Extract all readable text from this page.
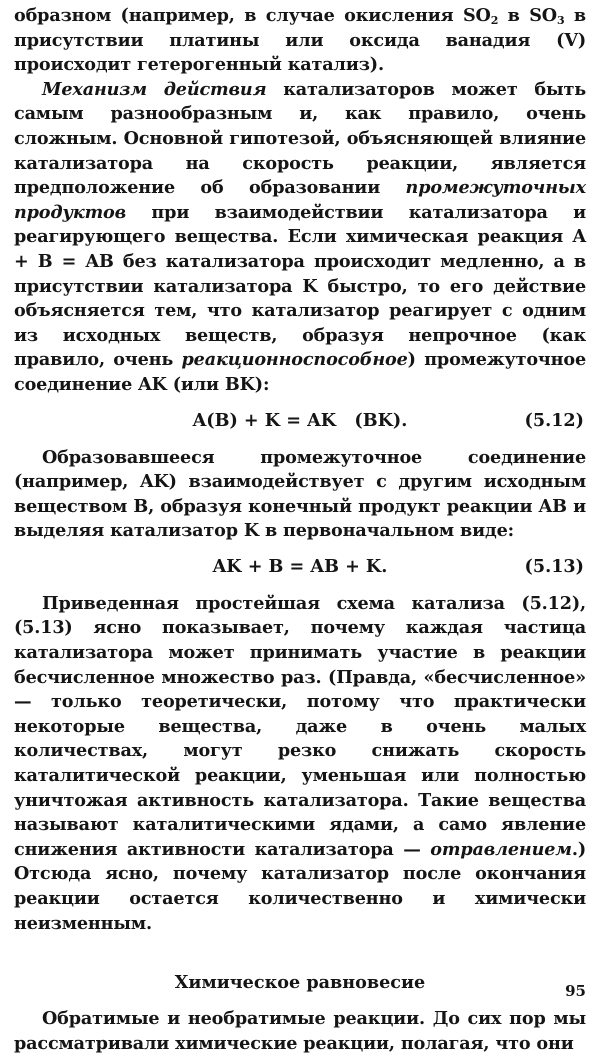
образном (например, в случае окисления $SO_2$ в $SO_3$ в присутствии платины или оксида ванадия (V) происходит гетерогенный катализ).

Механизм действия катализаторов может быть самым разнообразным и, как правило, очень сложным. Основной гипотезой, объясняющей влияние катализатора на скорость реакции, является предположение об образовании промежуточных продуктов при взаимодействии катализатора и реагирующего вещества. Если химическая реакция A + B = AB без катализатора происходит медленно, а в присутствии катализатора K быстро, то его действие объясняется тем, что катализатор реагирует с одним из исходных веществ, образуя непрочное (как правило, очень реакционноспособное) промежуточное соединение AK (или BK):

A(B) + K = AK   (BK).	(5.12)

Образовавшееся промежуточное соединение (например, AK) взаимодействует с другим исходным веществом B, образуя конечный продукт реакции AB и выделяя катализатор K в первоначальном виде:

AK + B = AB + K.	(5.13)

Приведенная простейшая схема катализа (5.12), (5.13) ясно показывает, почему каждая частица катализатора может принимать участие в реакции бесчисленное множество раз. (Правда, «бесчисленное» — только теоретически, потому что практически некоторые вещества, даже в очень малых количествах, могут резко снижать скорость каталитической реакции, уменьшая или полностью уничтожая активность катализатора. Такие вещества называют каталитическими ядами, а само явление снижения активности катализатора — отравлением.) Отсюда ясно, почему катализатор после окончания реакции остается количественно и химически неизменным.

Химическое равновесие

Обратимые и необратимые реакции. До сих пор мы рассматривали химические реакции, полагая, что они

95
